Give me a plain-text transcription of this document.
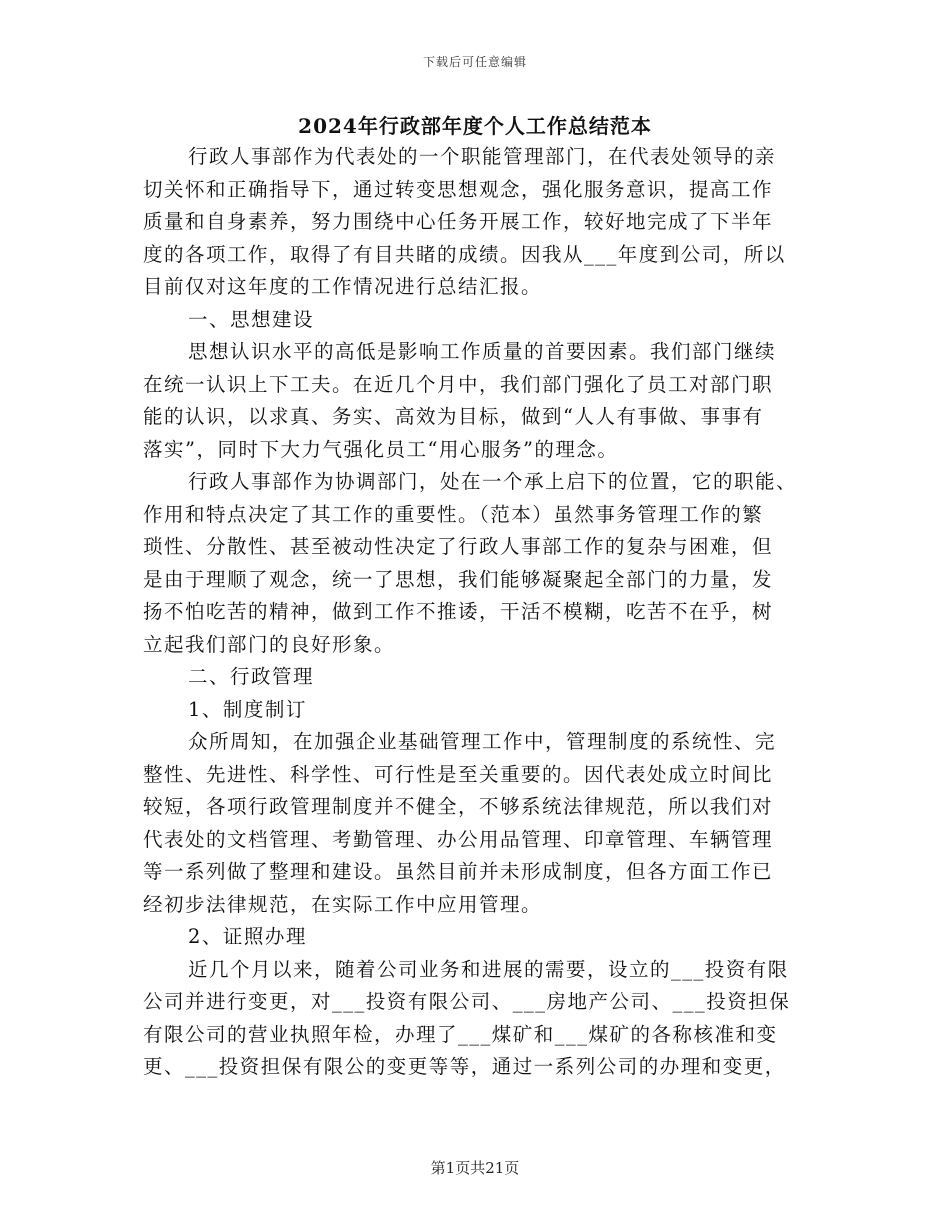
下载后可任意编辑
2024年行政部年度个人工作总结范本
行政人事部作为代表处的一个职能管理部门，在代表处领导的亲
切关怀和正确指导下，通过转变思想观念，强化服务意识，提高工作
质量和自身素养，努力围绕中心任务开展工作，较好地完成了下半年
度的各项工作，取得了有目共睹的成绩。因我从___年度到公司，所以
目前仅对这年度的工作情况进行总结汇报。
一、思想建设
思想认识水平的高低是影响工作质量的首要因素。我们部门继续
在统一认识上下工夫。在近几个月中，我们部门强化了员工对部门职
能的认识，以求真、务实、高效为目标，做到“人人有事做、事事有
落实”，同时下大力气强化员工“用心服务”的理念。
行政人事部作为协调部门，处在一个承上启下的位置，它的职能、
作用和特点决定了其工作的重要性。（范本）虽然事务管理工作的繁
琐性、分散性、甚至被动性决定了行政人事部工作的复杂与困难，但
是由于理顺了观念，统一了思想，我们能够凝聚起全部门的力量，发
扬不怕吃苦的精神，做到工作不推诿，干活不模糊，吃苦不在乎，树
立起我们部门的良好形象。
二、行政管理
1、制度制订
众所周知，在加强企业基础管理工作中，管理制度的系统性、完
整性、先进性、科学性、可行性是至关重要的。因代表处成立时间比
较短，各项行政管理制度并不健全，不够系统法律规范，所以我们对
代表处的文档管理、考勤管理、办公用品管理、印章管理、车辆管理
等一系列做了整理和建设。虽然目前并未形成制度，但各方面工作已
经初步法律规范，在实际工作中应用管理。
2、证照办理
近几个月以来，随着公司业务和进展的需要，设立的___投资有限
公司并进行变更，对___投资有限公司、___房地产公司、___投资担保
有限公司的营业执照年检，办理了___煤矿和___煤矿的各称核准和变
更、___投资担保有限公的变更等等，通过一系列公司的办理和变更，
第1页共21页
